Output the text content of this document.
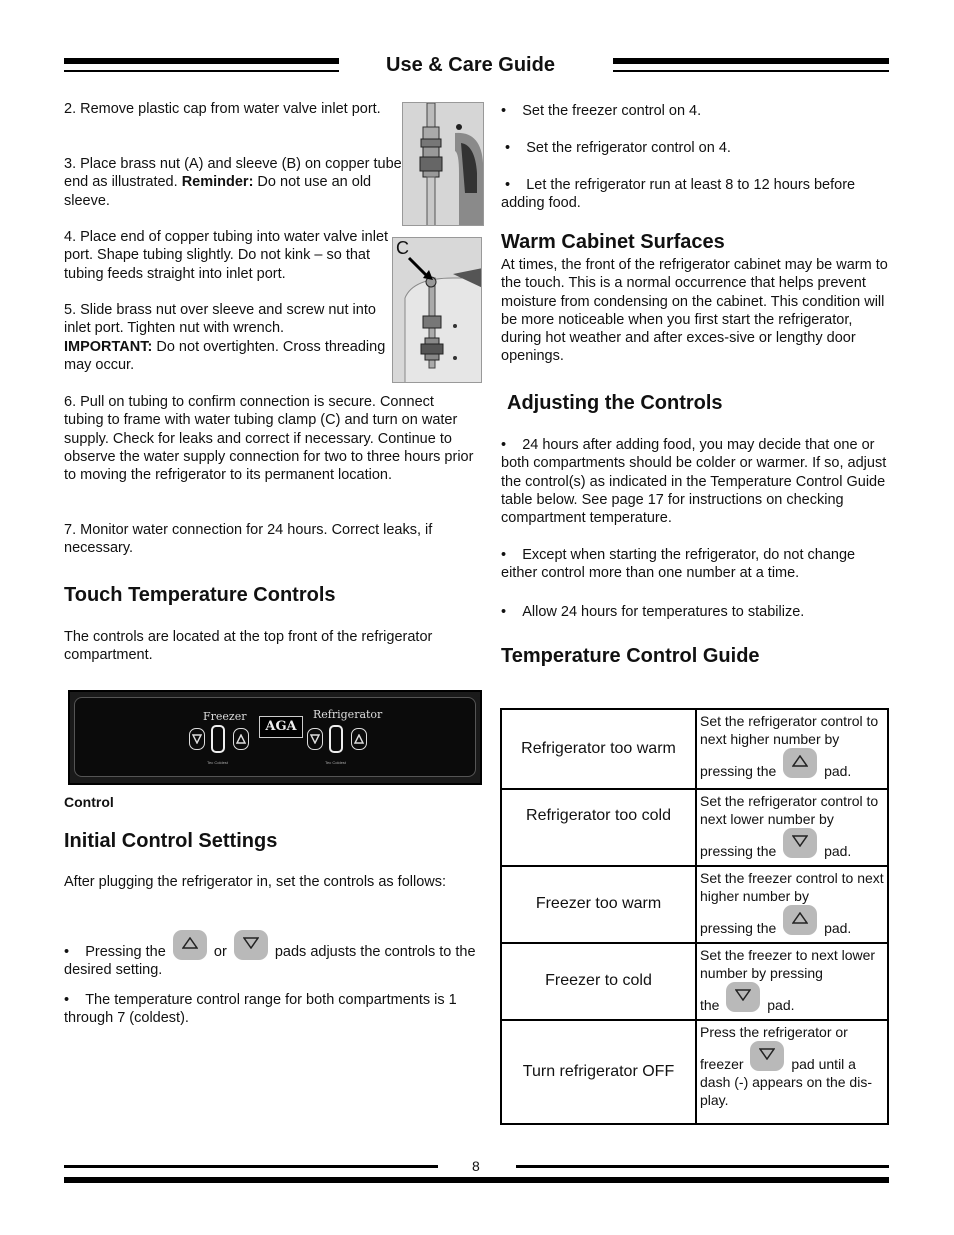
Use & Care Guide
C
2. Remove plastic cap from water valve inlet port.
3. Place brass nut (A) and sleeve (B) on copper tube end as illustrated. Reminder: Do not use an old sleeve.
4. Place end of copper tubing into water valve inlet port. Shape tubing slightly. Do not kink – so that tubing feeds straight into inlet port.
5. Slide brass nut over sleeve and screw nut into inlet port. Tighten nut with wrench.
IMPORTANT: Do not overtighten. Cross threading may occur.
6. Pull on tubing to confirm connection is secure. Connect tubing to frame with water tubing clamp (C) and turn on water supply. Check for leaks and correct if necessary. Continue to observe the water supply connection for two to three hours prior to moving the refrigerator to its permanent location.
7. Monitor water connection for 24 hours. Correct leaks, if necessary.
Touch Temperature Controls
The controls are located at the top front of the refrigerator compartment.
Freezer	Refrigerator
AGA
Tec Coldest	Tec Coldest
Control
Initial Control Settings
After plugging the refrigerator in, set the controls as follows:
•    Pressing the	or	pads adjusts the controls to the desired setting.
•    The temperature control range for both compartments is 1 through 7 (coldest).
•    Set the freezer control on 4.
•    Set the refrigerator control on 4.
•    Let the refrigerator run at least 8 to 12 hours before adding food.
Warm Cabinet Surfaces
At times, the front of the refrigerator cabinet may be warm to the touch. This is a normal occurrence that helps prevent moisture from condensing on the cabinet. This condition will be more noticeable when you first start the refrigerator, during hot weather and after exces-sive or lengthy door openings.
Adjusting the Controls
•    24 hours after adding food, you may decide that one or both compartments should be colder or warmer. If so, adjust the control(s) as indicated in the Temperature Control Guide table below. See page 17 for instructions on checking compartment temperature.
•    Except when starting the refrigerator, do not change either control more than one number at a time.
•    Allow 24 hours for temperatures to stabilize.
Temperature Control Guide
Refrigerator too warm	Set the refrigerator control to next higher number by
pressing the pad.
Refrigerator too cold	Set the refrigerator control to next lower number by
pressing the pad.
Freezer too warm	Set the freezer control to next higher number by
pressing the pad.
Freezer to cold	Set the freezer to next lower number by pressing
the pad.
Turn refrigerator OFF	Press the refrigerator or
freezer pad until a dash (-) appears on the dis-play.
8
